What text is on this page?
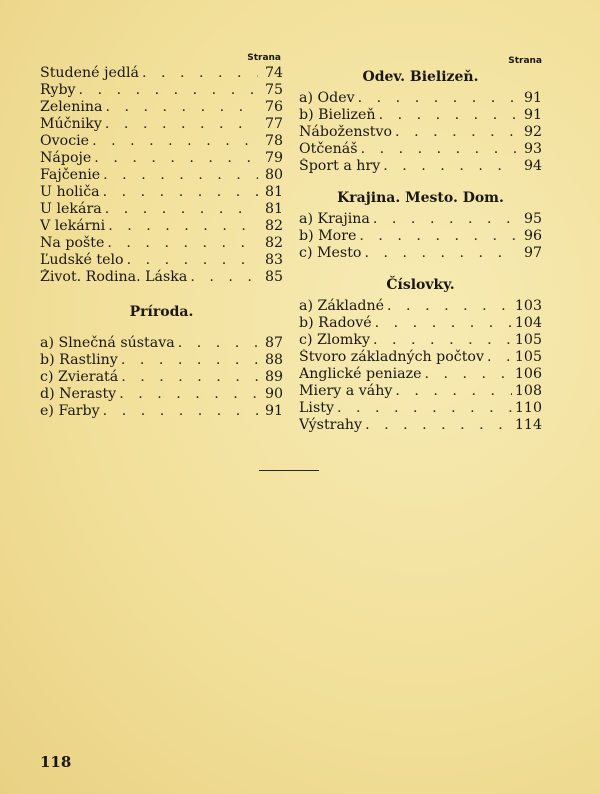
Strana
Studené jedlá . . .	74
Ryby . . .	75
Zelenina . . .	76
Múčniky . . .	77
Ovocie . . .	78
Nápoje . . .	79
Fajčenie . . .	80
U holiča . . .	81
U lekára . . .	81
V lekárni . . .	82
Na pošte . . .	82
Ľudské telo . . .	83
Život. Rodina. Láska . . .	85
Príroda.
a) Slnečná sústava . . .	87
b) Rastliny . . .	88
c) Zvieratá . . .	89
d) Nerasty . . .	90
e) Farby . . .	91
Strana
Odev. Bielizeň.
a) Odev . . .	91
b) Bielizeň . . .	91
Náboženstvo . . .	92
Otčenáš . . .	93
Šport a hry . . .	94
Krajina. Mesto. Dom.
a) Krajina . . .	95
b) More . . .	96
c) Mesto . . .	97
Číslovky.
a) Základné . . .	103
b) Radové . . .	104
c) Zlomky . . .	105
Štvoro základných počtov . . . 105
Anglické peniaze . . .	106
Miery a váhy . . .	108
Listy . . .	110
Výstrahy . . .	114
118
